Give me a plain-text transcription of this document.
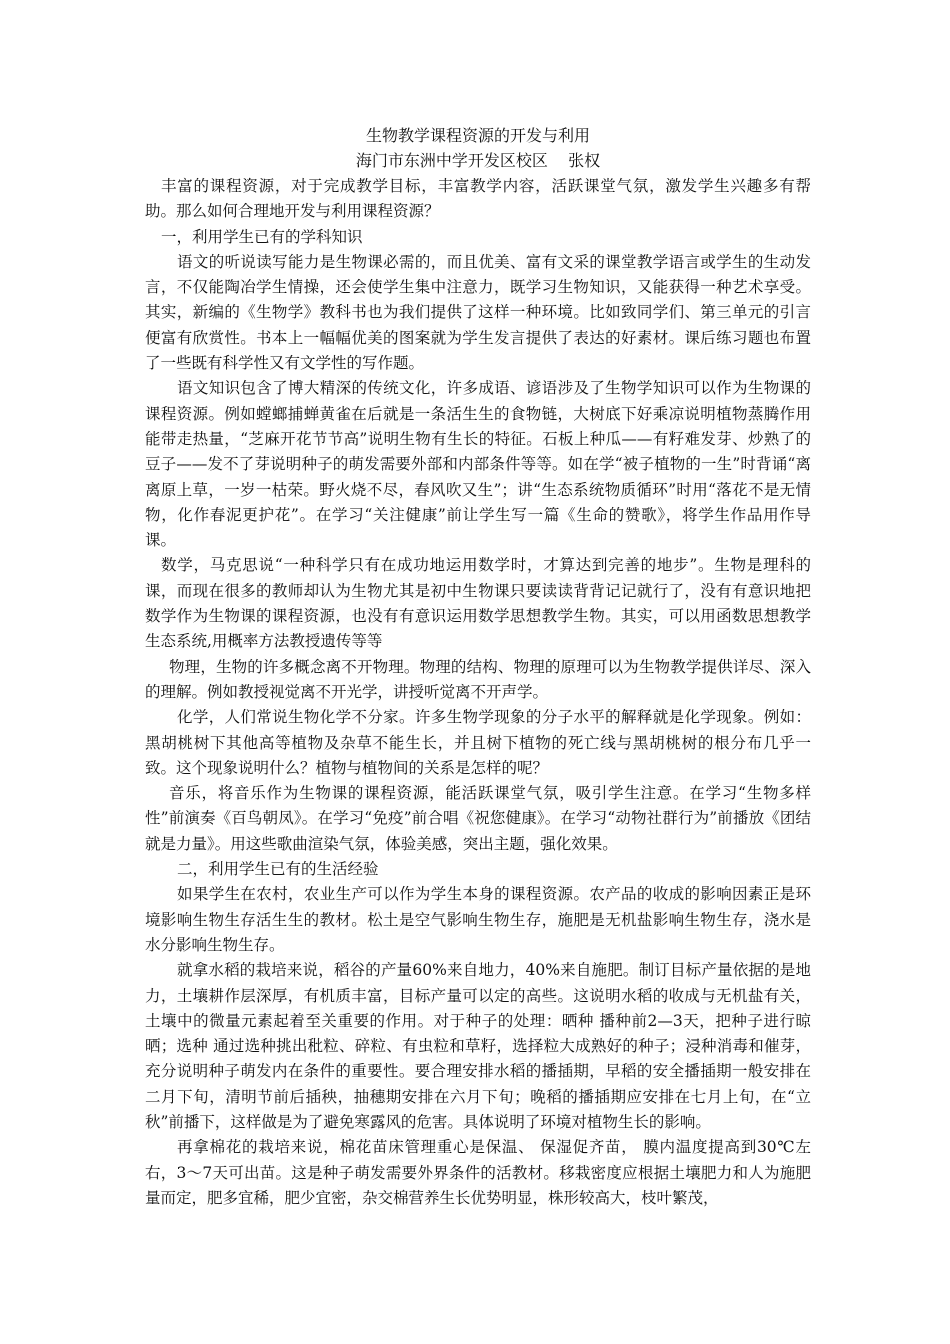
生物教学课程资源的开发与利用

海门市东洲中学开发区校区    张权

丰富的课程资源，对于完成教学目标，丰富教学内容，活跃课堂气氛，激发学生兴趣多有帮助。那么如何合理地开发与利用课程资源？

一，利用学生已有的学科知识

语文的听说读写能力是生物课必需的，而且优美、富有文采的课堂教学语言或学生的生动发言，不仅能陶冶学生情操，还会使学生集中注意力，既学习生物知识，又能获得一种艺术享受。其实，新编的《生物学》教科书也为我们提供了这样一种环境。比如致同学们、第三单元的引言便富有欣赏性。书本上一幅幅优美的图案就为学生发言提供了表达的好素材。课后练习题也布置了一些既有科学性又有文学性的写作题。

语文知识包含了博大精深的传统文化，许多成语、谚语涉及了生物学知识可以作为生物课的课程资源。例如螳螂捕蝉黄雀在后就是一条活生生的食物链，大树底下好乘凉说明植物蒸腾作用能带走热量，“芝麻开花节节高”说明生物有生长的特征。石板上种瓜——有籽难发芽、炒熟了的豆子——发不了芽说明种子的萌发需要外部和内部条件等等。如在学“被子植物的一生”时背诵“离离原上草，一岁一枯荣。野火烧不尽，春风吹又生”；讲“生态系统物质循环”时用“落花不是无情物，化作春泥更护花”。在学习“关注健康”前让学生写一篇《生命的赞歌》，将学生作品用作导课。

数学，马克思说“一种科学只有在成功地运用数学时，才算达到完善的地步”。生物是理科的课，而现在很多的教师却认为生物尤其是初中生物课只要读读背背记记就行了，没有有意识地把数学作为生物课的课程资源，也没有有意识运用数学思想教学生物。其实，可以用函数思想教学生态系统,用概率方法教授遗传等等

物理，生物的许多概念离不开物理。物理的结构、物理的原理可以为生物教学提供详尽、深入的理解。例如教授视觉离不开光学，讲授听觉离不开声学。

化学，人们常说生物化学不分家。许多生物学现象的分子水平的解释就是化学现象。例如：黑胡桃树下其他高等植物及杂草不能生长，并且树下植物的死亡线与黑胡桃树的根分布几乎一致。这个现象说明什么？植物与植物间的关系是怎样的呢？

音乐，将音乐作为生物课的课程资源，能活跃课堂气氛，吸引学生注意。在学习“生物多样性”前演奏《百鸟朝凤》。在学习“免疫”前合唱《祝您健康》。在学习“动物社群行为”前播放《团结就是力量》。用这些歌曲渲染气氛，体验美感，突出主题，强化效果。

二，利用学生已有的生活经验

如果学生在农村，农业生产可以作为学生本身的课程资源。农产品的收成的影响因素正是环境影响生物生存活生生的教材。松土是空气影响生物生存，施肥是无机盐影响生物生存，浇水是水分影响生物生存。

就拿水稻的栽培来说，稻谷的产量60%来自地力，40%来自施肥。制订目标产量依据的是地力，土壤耕作层深厚，有机质丰富，目标产量可以定的高些。这说明水稻的收成与无机盐有关，土壤中的微量元素起着至关重要的作用。对于种子的处理：晒种 播种前2—3天，把种子进行晾晒；选种 通过选种挑出秕粒、碎粒、有虫粒和草籽，选择粒大成熟好的种子；浸种消毒和催芽，充分说明种子萌发内在条件的重要性。要合理安排水稻的播插期，早稻的安全播插期一般安排在二月下旬，清明节前后插秧，抽穗期安排在六月下旬；晚稻的播插期应安排在七月上旬，在“立秋”前播下，这样做是为了避免寒露风的危害。具体说明了环境对植物生长的影响。

再拿棉花的栽培来说，棉花苗床管理重心是保温、 保湿促齐苗， 膜内温度提高到30℃左右，3～7天可出苗。这是种子萌发需要外界条件的活教材。移栽密度应根据土壤肥力和人为施肥量而定，肥多宜稀，肥少宜密，杂交棉营养生长优势明显，株形较高大，枝叶繁茂，
